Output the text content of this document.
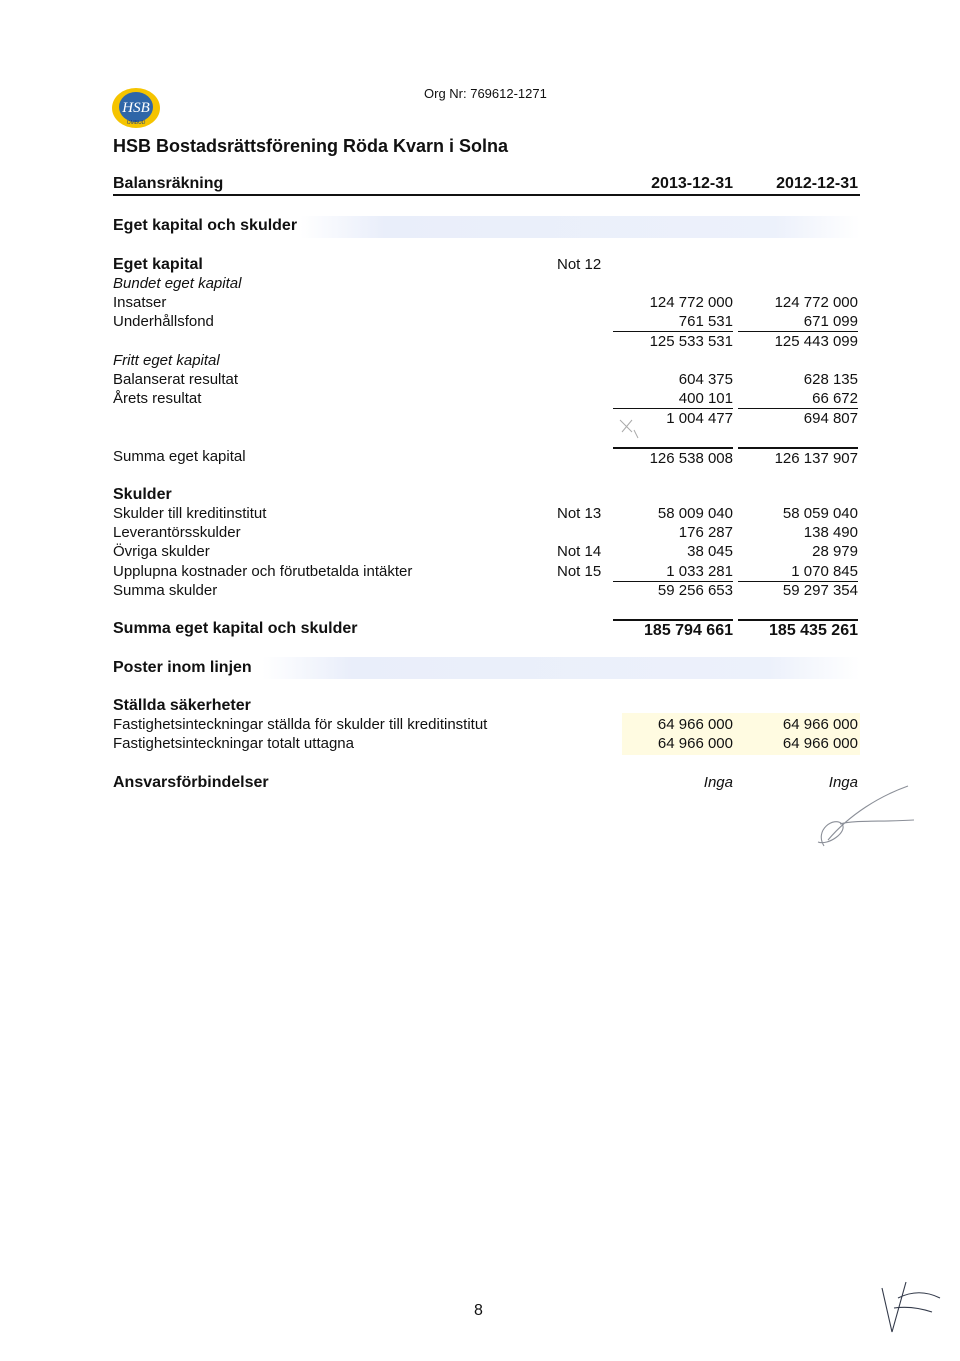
HSB
OMBUD
Org Nr: 769612-1271
HSB Bostadsrättsförening Röda Kvarn i Solna
Balansräkning	2013-12-31	2012-12-31
Eget kapital och skulder
Eget kapital	Not 12
Bundet eget kapital
Insatser	124 772 000	124 772 000
Underhållsfond	761 531	671 099
125 533 531	125 443 099
Fritt eget kapital
Balanserat resultat	604 375	628 135
Årets resultat	400 101	66 672
1 004 477	694 807
Summa eget kapital	126 538 008	126 137 907
Skulder
Skulder till kreditinstitut	Not 13	58 009 040	58 059 040
Leverantörsskulder	176 287	138 490
Övriga skulder	Not 14	38 045	28 979
Upplupna kostnader och förutbetalda intäkter	Not 15	1 033 281	1 070 845
Summa skulder	59 256 653	59 297 354
Summa eget kapital och skulder	185 794 661	185 435 261
Poster inom linjen
Ställda säkerheter
Fastighetsinteckningar ställda för skulder till kreditinstitut	64 966 000	64 966 000
Fastighetsinteckningar totalt uttagna	64 966 000	64 966 000
Ansvarsförbindelser	Inga	Inga
8
